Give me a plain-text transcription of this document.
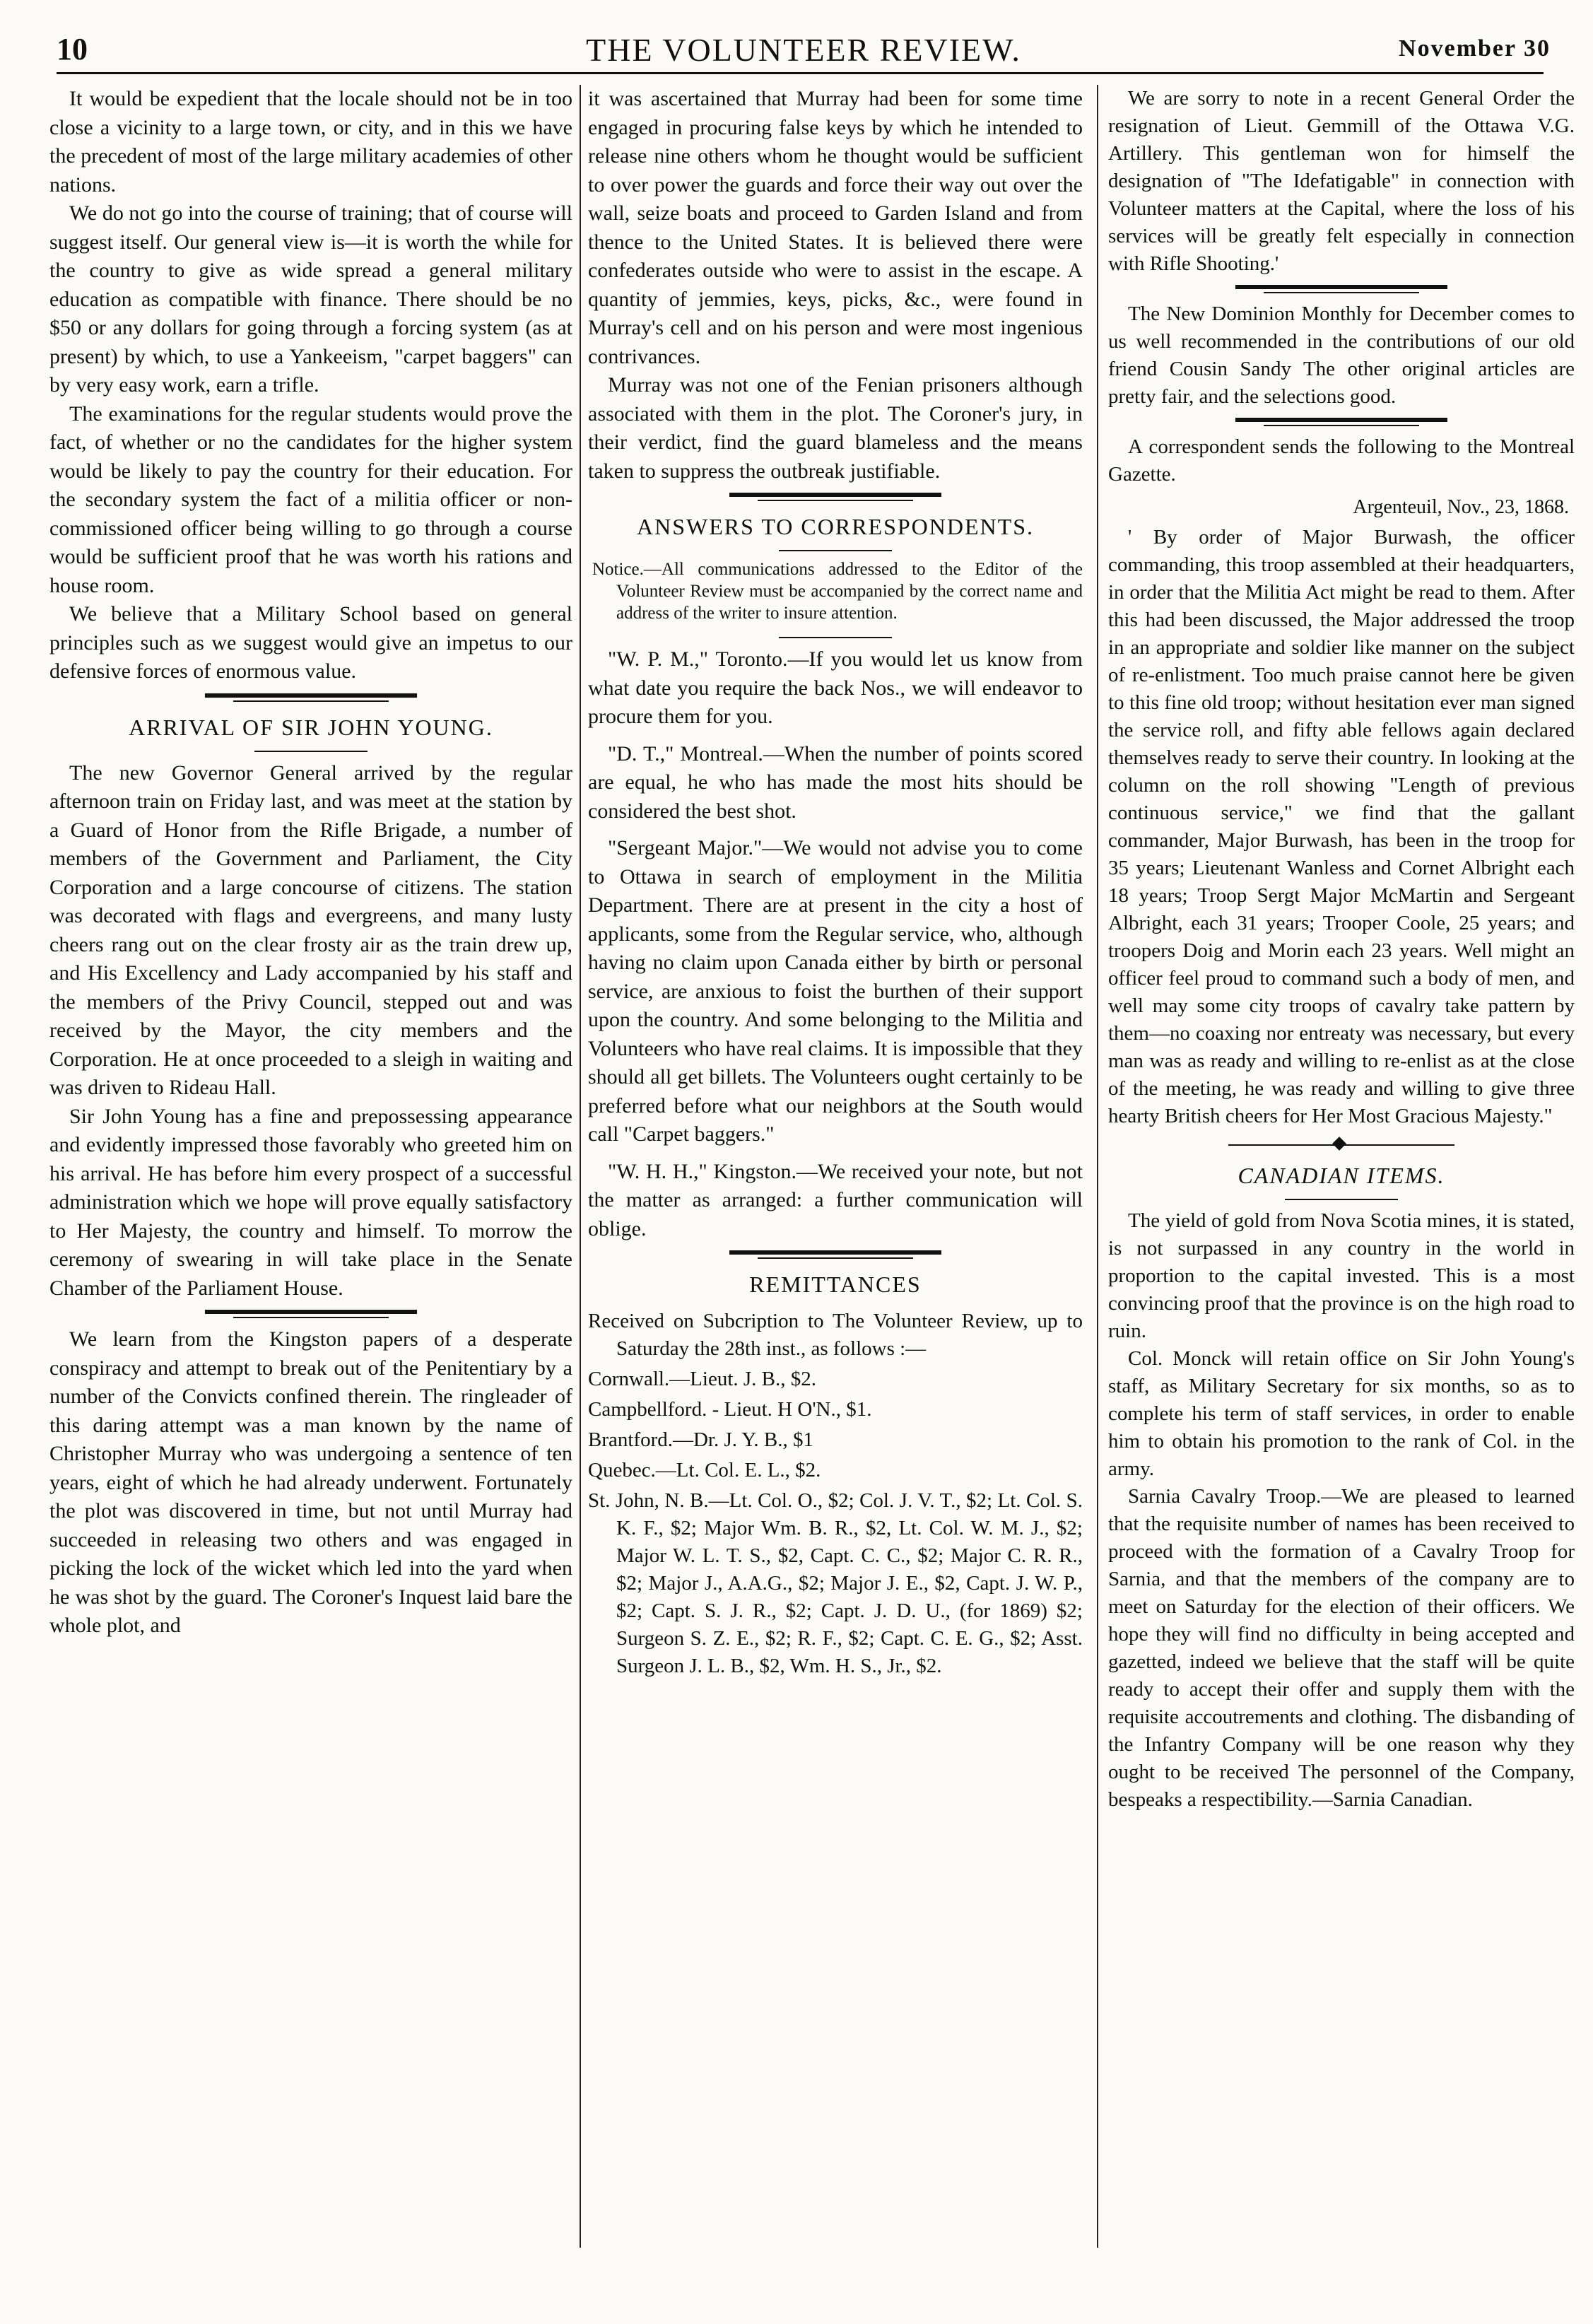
10	THE VOLUNTEER REVIEW.	November 30

It would be expedient that the locale should not be in too close a vicinity to a large town, or city, and in this we have the precedent of most of the large military academies of other nations.

We do not go into the course of training; that of course will suggest itself. Our general view is—it is worth the while for the country to give as wide spread a general military education as compatible with finance. There should be no $50 or any dollars for going through a forcing system (as at present) by which, to use a Yankeeism, "carpet baggers" can by very easy work, earn a trifle.

The examinations for the regular students would prove the fact, of whether or no the candidates for the higher system would be likely to pay the country for their education. For the secondary system the fact of a militia officer or non-commissioned officer being willing to go through a course would be sufficient proof that he was worth his rations and house room.

We believe that a Military School based on general principles such as we suggest would give an impetus to our defensive forces of enormous value.

ARRIVAL OF SIR JOHN YOUNG.

The new Governor General arrived by the regular afternoon train on Friday last, and was meet at the station by a Guard of Honor from the Rifle Brigade, a number of members of the Government and Parliament, the City Corporation and a large concourse of citizens. The station was decorated with flags and evergreens, and many lusty cheers rang out on the clear frosty air as the train drew up, and His Excellency and Lady accompanied by his staff and the members of the Privy Council, stepped out and was received by the Mayor, the city members and the Corporation. He at once proceeded to a sleigh in waiting and was driven to Rideau Hall.

Sir John Young has a fine and prepossessing appearance and evidently impressed those favorably who greeted him on his arrival. He has before him every prospect of a successful administration which we hope will prove equally satisfactory to Her Majesty, the country and himself. To morrow the ceremony of swearing in will take place in the Senate Chamber of the Parliament House.

We learn from the Kingston papers of a desperate conspiracy and attempt to break out of the Penitentiary by a number of the Convicts confined therein. The ringleader of this daring attempt was a man known by the name of Christopher Murray who was undergoing a sentence of ten years, eight of which he had already underwent. Fortunately the plot was discovered in time, but not until Murray had succeeded in releasing two others and was engaged in picking the lock of the wicket which led into the yard when he was shot by the guard. The Coroner's Inquest laid bare the whole plot, and

it was ascertained that Murray had been for some time engaged in procuring false keys by which he intended to release nine others whom he thought would be sufficient to over power the guards and force their way out over the wall, seize boats and proceed to Garden Island and from thence to the United States. It is believed there were confederates outside who were to assist in the escape. A quantity of jemmies, keys, picks, &c., were found in Murray's cell and on his person and were most ingenious contrivances.

Murray was not one of the Fenian prisoners although associated with them in the plot. The Coroner's jury, in their verdict, find the guard blameless and the means taken to suppress the outbreak justifiable.

ANSWERS TO CORRESPONDENTS.
Notice.—All communications addressed to the Editor of the Volunteer Review must be accompanied by the correct name and address of the writer to insure attention.

"W. P. M.," Toronto.—If you would let us know from what date you require the back Nos., we will endeavor to procure them for you.

"D. T.," Montreal.—When the number of points scored are equal, he who has made the most hits should be considered the best shot.

"Sergeant Major."—We would not advise you to come to Ottawa in search of employment in the Militia Department. There are at present in the city a host of applicants, some from the Regular service, who, although having no claim upon Canada either by birth or personal service, are anxious to foist the burthen of their support upon the country. And some belonging to the Militia and Volunteers who have real claims. It is impossible that they should all get billets. The Volunteers ought certainly to be preferred before what our neighbors at the South would call "Carpet baggers."

"W. H. H.," Kingston.—We received your note, but not the matter as arranged: a further communication will oblige.

REMITTANCES
Received on Subcription to The Volunteer Review, up to Saturday the 28th inst., as follows :—
Cornwall.—Lieut. J. B., $2.
Campbellford. - Lieut. H O'N., $1.
Brantford.—Dr. J. Y. B., $1
Quebec.—Lt. Col. E. L., $2.
St. John, N. B.—Lt. Col. O., $2; Col. J. V. T., $2; Lt. Col. S. K. F., $2; Major Wm. B. R., $2, Lt. Col. W. M. J., $2; Major W. L. T. S., $2, Capt. C. C., $2; Major C. R. R., $2; Major J., A.A.G., $2; Major J. E., $2, Capt. J. W. P., $2; Capt. S. J. R., $2; Capt. J. D. U., (for 1869) $2; Surgeon S. Z. E., $2; R. F., $2; Capt. C. E. G., $2; Asst. Surgeon J. L. B., $2, Wm. H. S., Jr., $2.

We are sorry to note in a recent General Order the resignation of Lieut. Gemmill of the Ottawa V.G. Artillery. This gentleman won for himself the designation of "The Idefatigable" in connection with Volunteer matters at the Capital, where the loss of his services will be greatly felt especially in connection with Rifle Shooting.'

The New Dominion Monthly for December comes to us well recommended in the contributions of our old friend Cousin Sandy The other original articles are pretty fair, and the selections good.

A correspondent sends the following to the Montreal Gazette.

Argenteuil, Nov., 23, 1868.

' By order of Major Burwash, the officer commanding, this troop assembled at their headquarters, in order that the Militia Act might be read to them. After this had been discussed, the Major addressed the troop in an appropriate and soldier like manner on the subject of re-enlistment. Too much praise cannot here be given to this fine old troop; without hesitation ever man signed the service roll, and fifty able fellows again declared themselves ready to serve their country. In looking at the column on the roll showing "Length of previous continuous service," we find that the gallant commander, Major Burwash, has been in the troop for 35 years; Lieutenant Wanless and Cornet Albright each 18 years; Troop Sergt Major McMartin and Sergeant Albright, each 31 years; Trooper Coole, 25 years; and troopers Doig and Morin each 23 years. Well might an officer feel proud to command such a body of men, and well may some city troops of cavalry take pattern by them—no coaxing nor entreaty was necessary, but every man was as ready and willing to re-enlist as at the close of the meeting, he was ready and willing to give three hearty British cheers for Her Most Gracious Majesty."

CANADIAN ITEMS.

The yield of gold from Nova Scotia mines, it is stated, is not surpassed in any country in the world in proportion to the capital invested. This is a most convincing proof that the province is on the high road to ruin.

Col. Monck will retain office on Sir John Young's staff, as Military Secretary for six months, so as to complete his term of staff services, in order to enable him to obtain his promotion to the rank of Col. in the army.

Sarnia Cavalry Troop.—We are pleased to learned that the requisite number of names has been received to proceed with the formation of a Cavalry Troop for Sarnia, and that the members of the company are to meet on Saturday for the election of their officers. We hope they will find no difficulty in being accepted and gazetted, indeed we believe that the staff will be quite ready to accept their offer and supply them with the requisite accoutrements and clothing. The disbanding of the Infantry Company will be one reason why they ought to be received The personnel of the Company, bespeaks a respectibility.—Sarnia Canadian.
